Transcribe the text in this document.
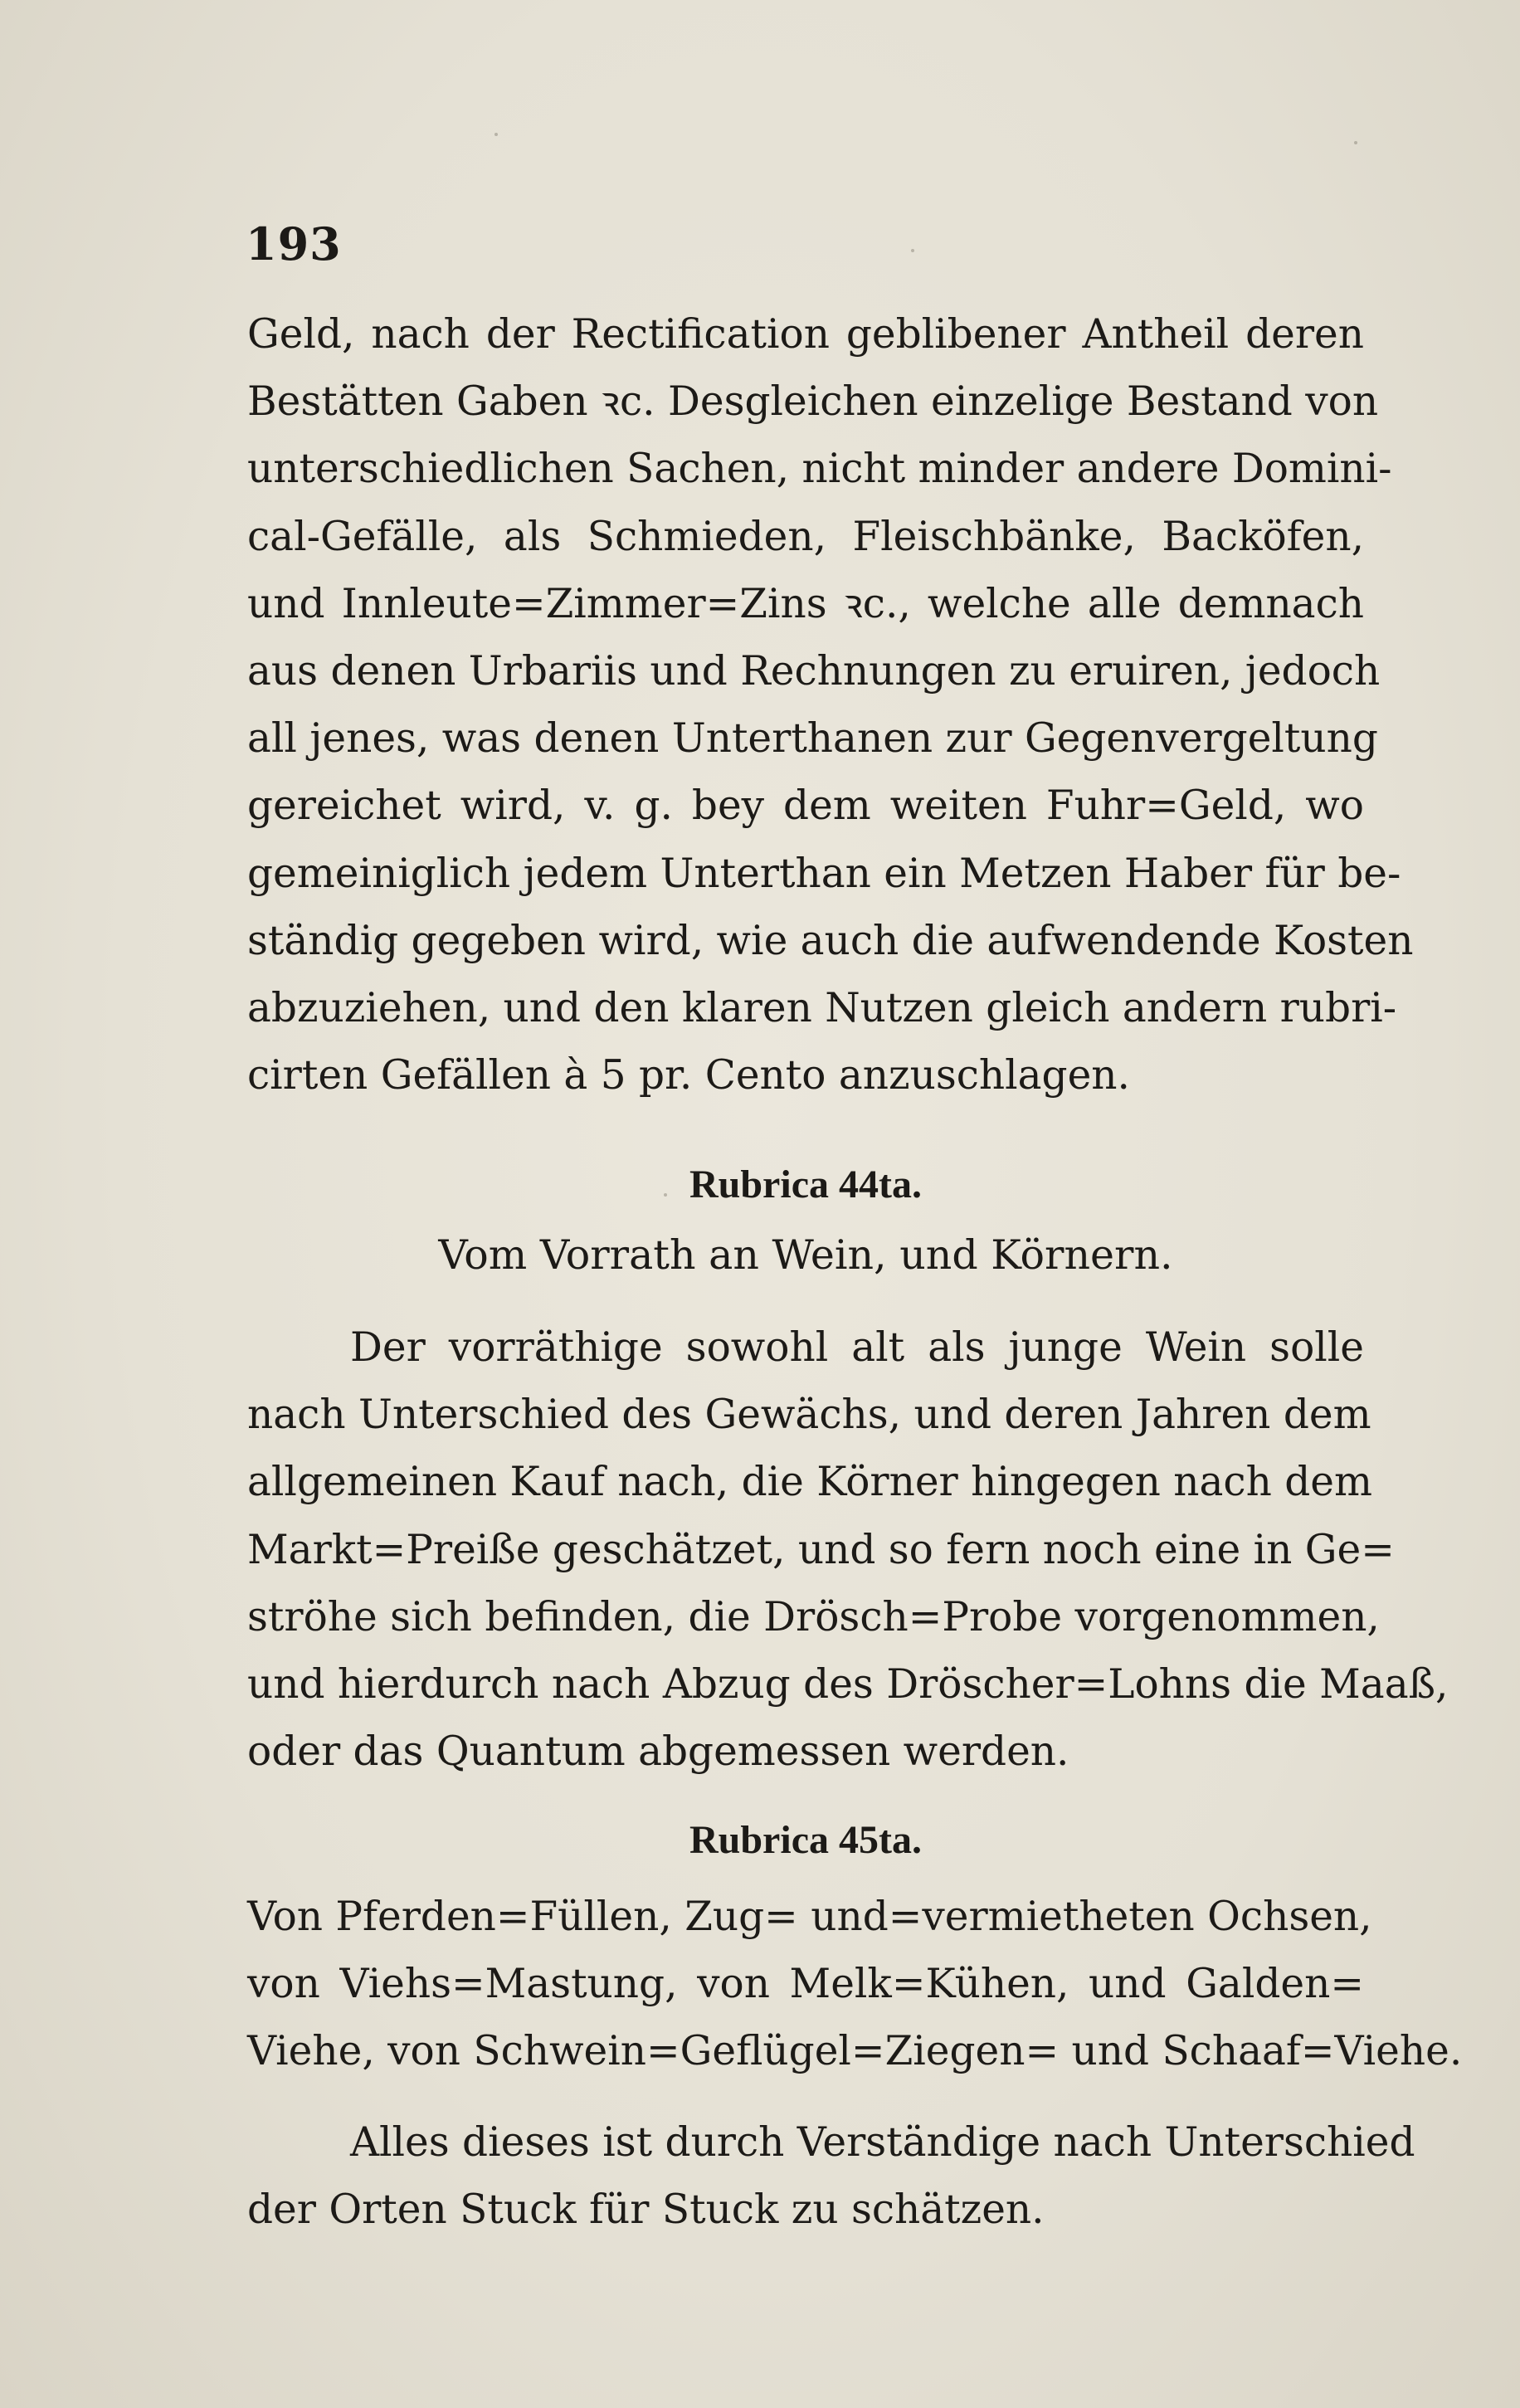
193
Geld, nach der Rectification geblibener Antheil deren
Bestätten Gaben ꝛc. Desgleichen einzelige Bestand von
unterschiedlichen Sachen, nicht minder andere Domini-
cal-Gefälle, als Schmieden, Fleischbänke, Backöfen,
und Innleute=Zimmer=Zins ꝛc., welche alle demnach
aus denen Urbariis und Rechnungen zu eruiren, jedoch
all jenes, was denen Unterthanen zur Gegenvergeltung
gereichet wird, v. g. bey dem weiten Fuhr=Geld, wo
gemeiniglich jedem Unterthan ein Metzen Haber für be-
ständig gegeben wird, wie auch die aufwendende Kosten
abzuziehen, und den klaren Nutzen gleich andern rubri-
cirten Gefällen à 5 pr. Cento anzuschlagen.
Rubrica 44ta.
Vom Vorrath an Wein, und Körnern.
Der vorräthige sowohl alt als junge Wein solle
nach Unterschied des Gewächs, und deren Jahren dem
allgemeinen Kauf nach, die Körner hingegen nach dem
Markt=Preiße geschätzet, und so fern noch eine in Ge=
ströhe sich befinden, die Drösch=Probe vorgenommen,
und hierdurch nach Abzug des Dröscher=Lohns die Maaß,
oder das Quantum abgemessen werden.
Rubrica 45ta.
Von Pferden=Füllen, Zug= und=vermietheten Ochsen,
von Viehs=Mastung, von Melk=Kühen, und Galden=
Viehe, von Schwein=Geflügel=Ziegen= und Schaaf=Viehe.
Alles dieses ist durch Verständige nach Unterschied
der Orten Stuck für Stuck zu schätzen.
